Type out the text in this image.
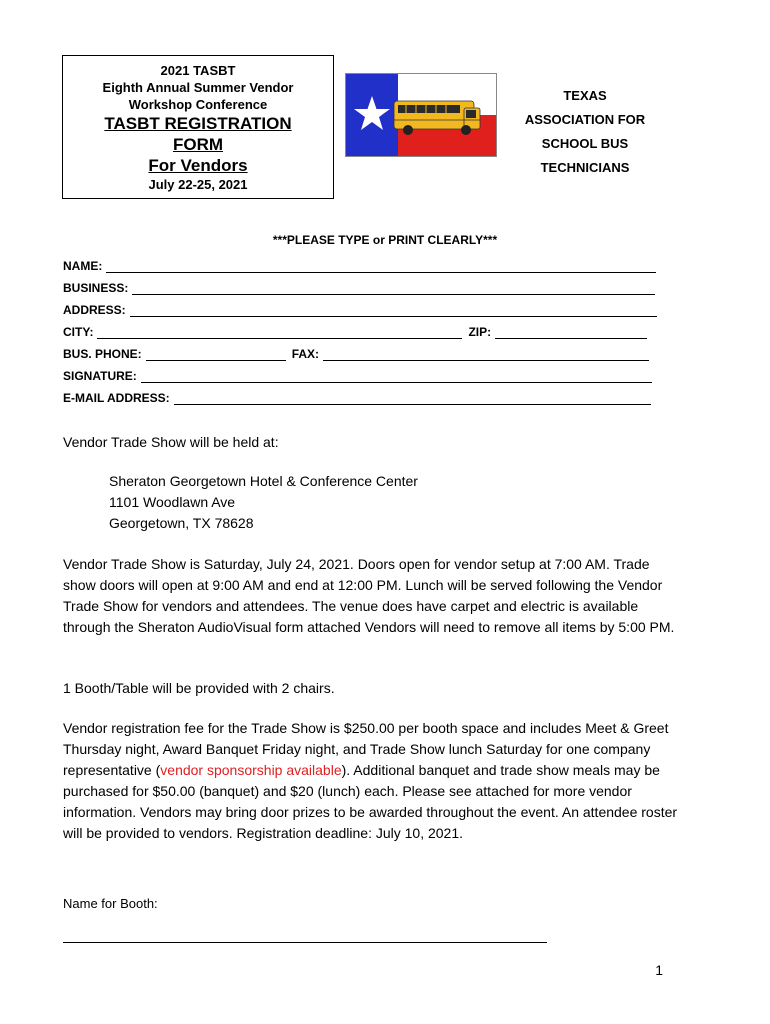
2021 TASBT
Eighth Annual Summer Vendor
Workshop Conference
TASBT REGISTRATION
FORM
For Vendors
July 22-25, 2021
TEXAS
ASSOCIATION FOR
SCHOOL BUS
TECHNICIANS
***PLEASE TYPE or PRINT CLEARLY***
NAME:
BUSINESS:
ADDRESS:
CITY:	ZIP:
BUS. PHONE:	FAX:
SIGNATURE:
E-MAIL ADDRESS:
Vendor Trade Show will be held at:
Sheraton Georgetown Hotel & Conference Center
1101 Woodlawn Ave
Georgetown, TX 78628
Vendor Trade Show is Saturday, July 24, 2021. Doors open for vendor setup at 7:00 AM. Trade show doors will open at 9:00 AM and end at 12:00 PM. Lunch will be served following the Vendor Trade Show for vendors and attendees. The venue does have carpet and electric is available through the Sheraton AudioVisual form attached Vendors will need to remove all items by 5:00 PM.
1 Booth/Table will be provided with 2 chairs.
Vendor registration fee for the Trade Show is $250.00 per booth space and includes Meet & Greet Thursday night, Award Banquet Friday night, and Trade Show lunch Saturday for one company representative (vendor sponsorship available). Additional banquet and trade show meals may be purchased for $50.00 (banquet) and $20 (lunch) each. Please see attached for more vendor information. Vendors may bring door prizes to be awarded throughout the event. An attendee roster will be provided to vendors. Registration deadline: July 10, 2021.
Name for Booth:
1
